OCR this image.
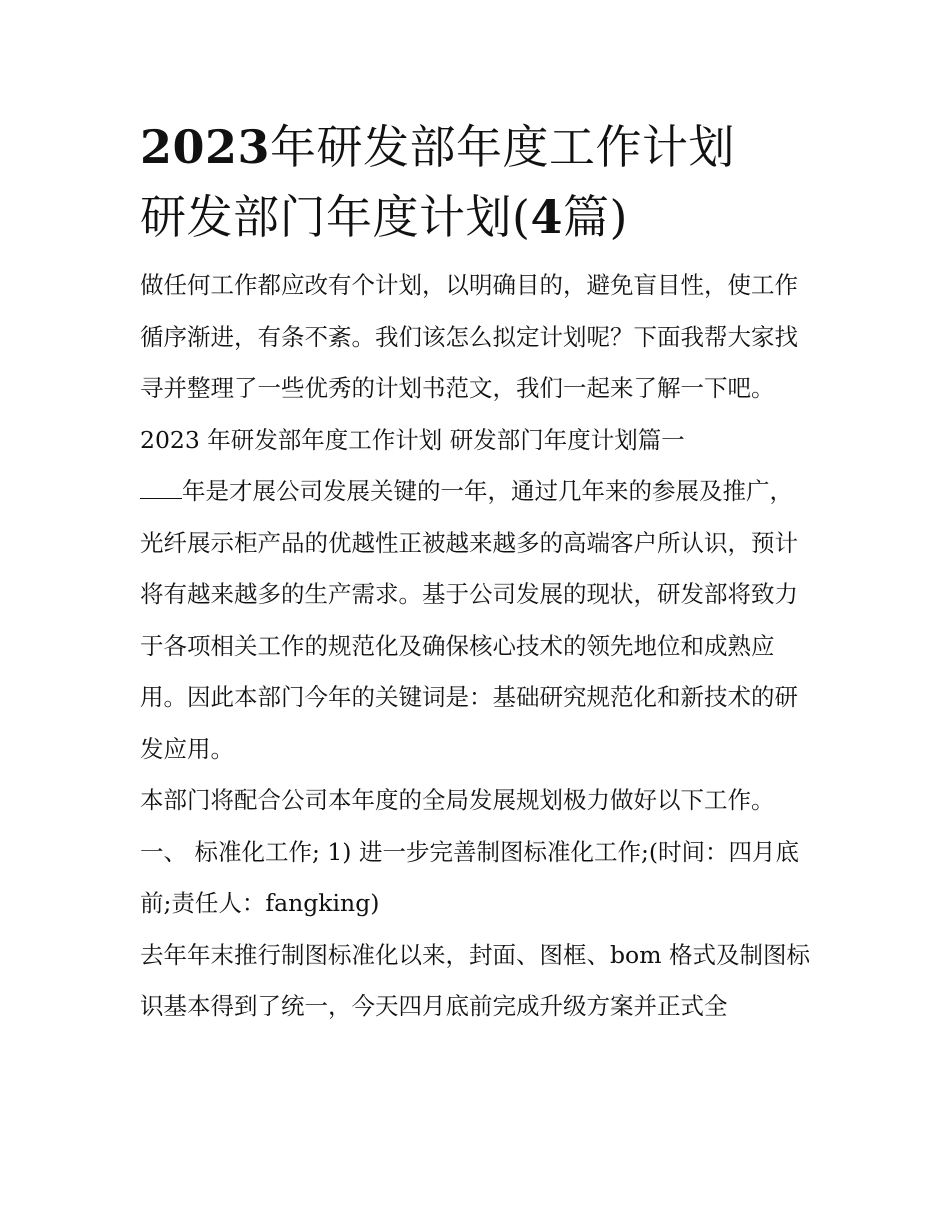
2023年研发部年度工作计划
研发部门年度计划(4篇)

做任何工作都应改有个计划，以明确目的，避免盲目性，使工作循序渐进，有条不紊。我们该怎么拟定计划呢？下面我帮大家找寻并整理了一些优秀的计划书范文，我们一起来了解一下吧。

2023 年研发部年度工作计划 研发部门年度计划篇一

年是才展公司发展关键的一年，通过几年来的参展及推广，光纤展示柜产品的优越性正被越来越多的高端客户所认识，预计将有越来越多的生产需求。基于公司发展的现状，研发部将致力于各项相关工作的规范化及确保核心技术的领先地位和成熟应用。因此本部门今年的关键词是：基础研究规范化和新技术的研发应用。

本部门将配合公司本年度的全局发展规划极力做好以下工作。

一、 标准化工作; 1) 进一步完善制图标准化工作;(时间：四月底前;责任人：fangking)

去年年末推行制图标准化以来，封面、图框、bom 格式及制图标识基本得到了统一，今天四月底前完成升级方案并正式全
